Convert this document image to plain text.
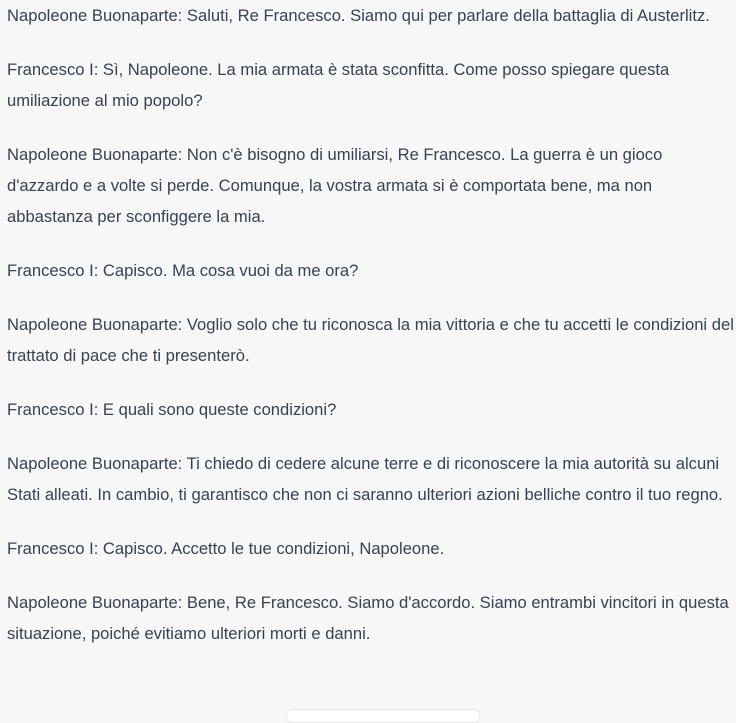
Napoleone Buonaparte: Saluti, Re Francesco. Siamo qui per parlare della battaglia di Austerlitz.

Francesco I: Sì, Napoleone. La mia armata è stata sconfitta. Come posso spiegare questa umiliazione al mio popolo?

Napoleone Buonaparte: Non c'è bisogno di umiliarsi, Re Francesco. La guerra è un gioco d'azzardo e a volte si perde. Comunque, la vostra armata si è comportata bene, ma non abbastanza per sconfiggere la mia.

Francesco I: Capisco. Ma cosa vuoi da me ora?

Napoleone Buonaparte: Voglio solo che tu riconosca la mia vittoria e che tu accetti le condizioni del trattato di pace che ti presenterò.

Francesco I: E quali sono queste condizioni?

Napoleone Buonaparte: Ti chiedo di cedere alcune terre e di riconoscere la mia autorità su alcuni Stati alleati. In cambio, ti garantisco che non ci saranno ulteriori azioni belliche contro il tuo regno.

Francesco I: Capisco. Accetto le tue condizioni, Napoleone.

Napoleone Buonaparte: Bene, Re Francesco. Siamo d'accordo. Siamo entrambi vincitori in questa situazione, poiché evitiamo ulteriori morti e danni.
